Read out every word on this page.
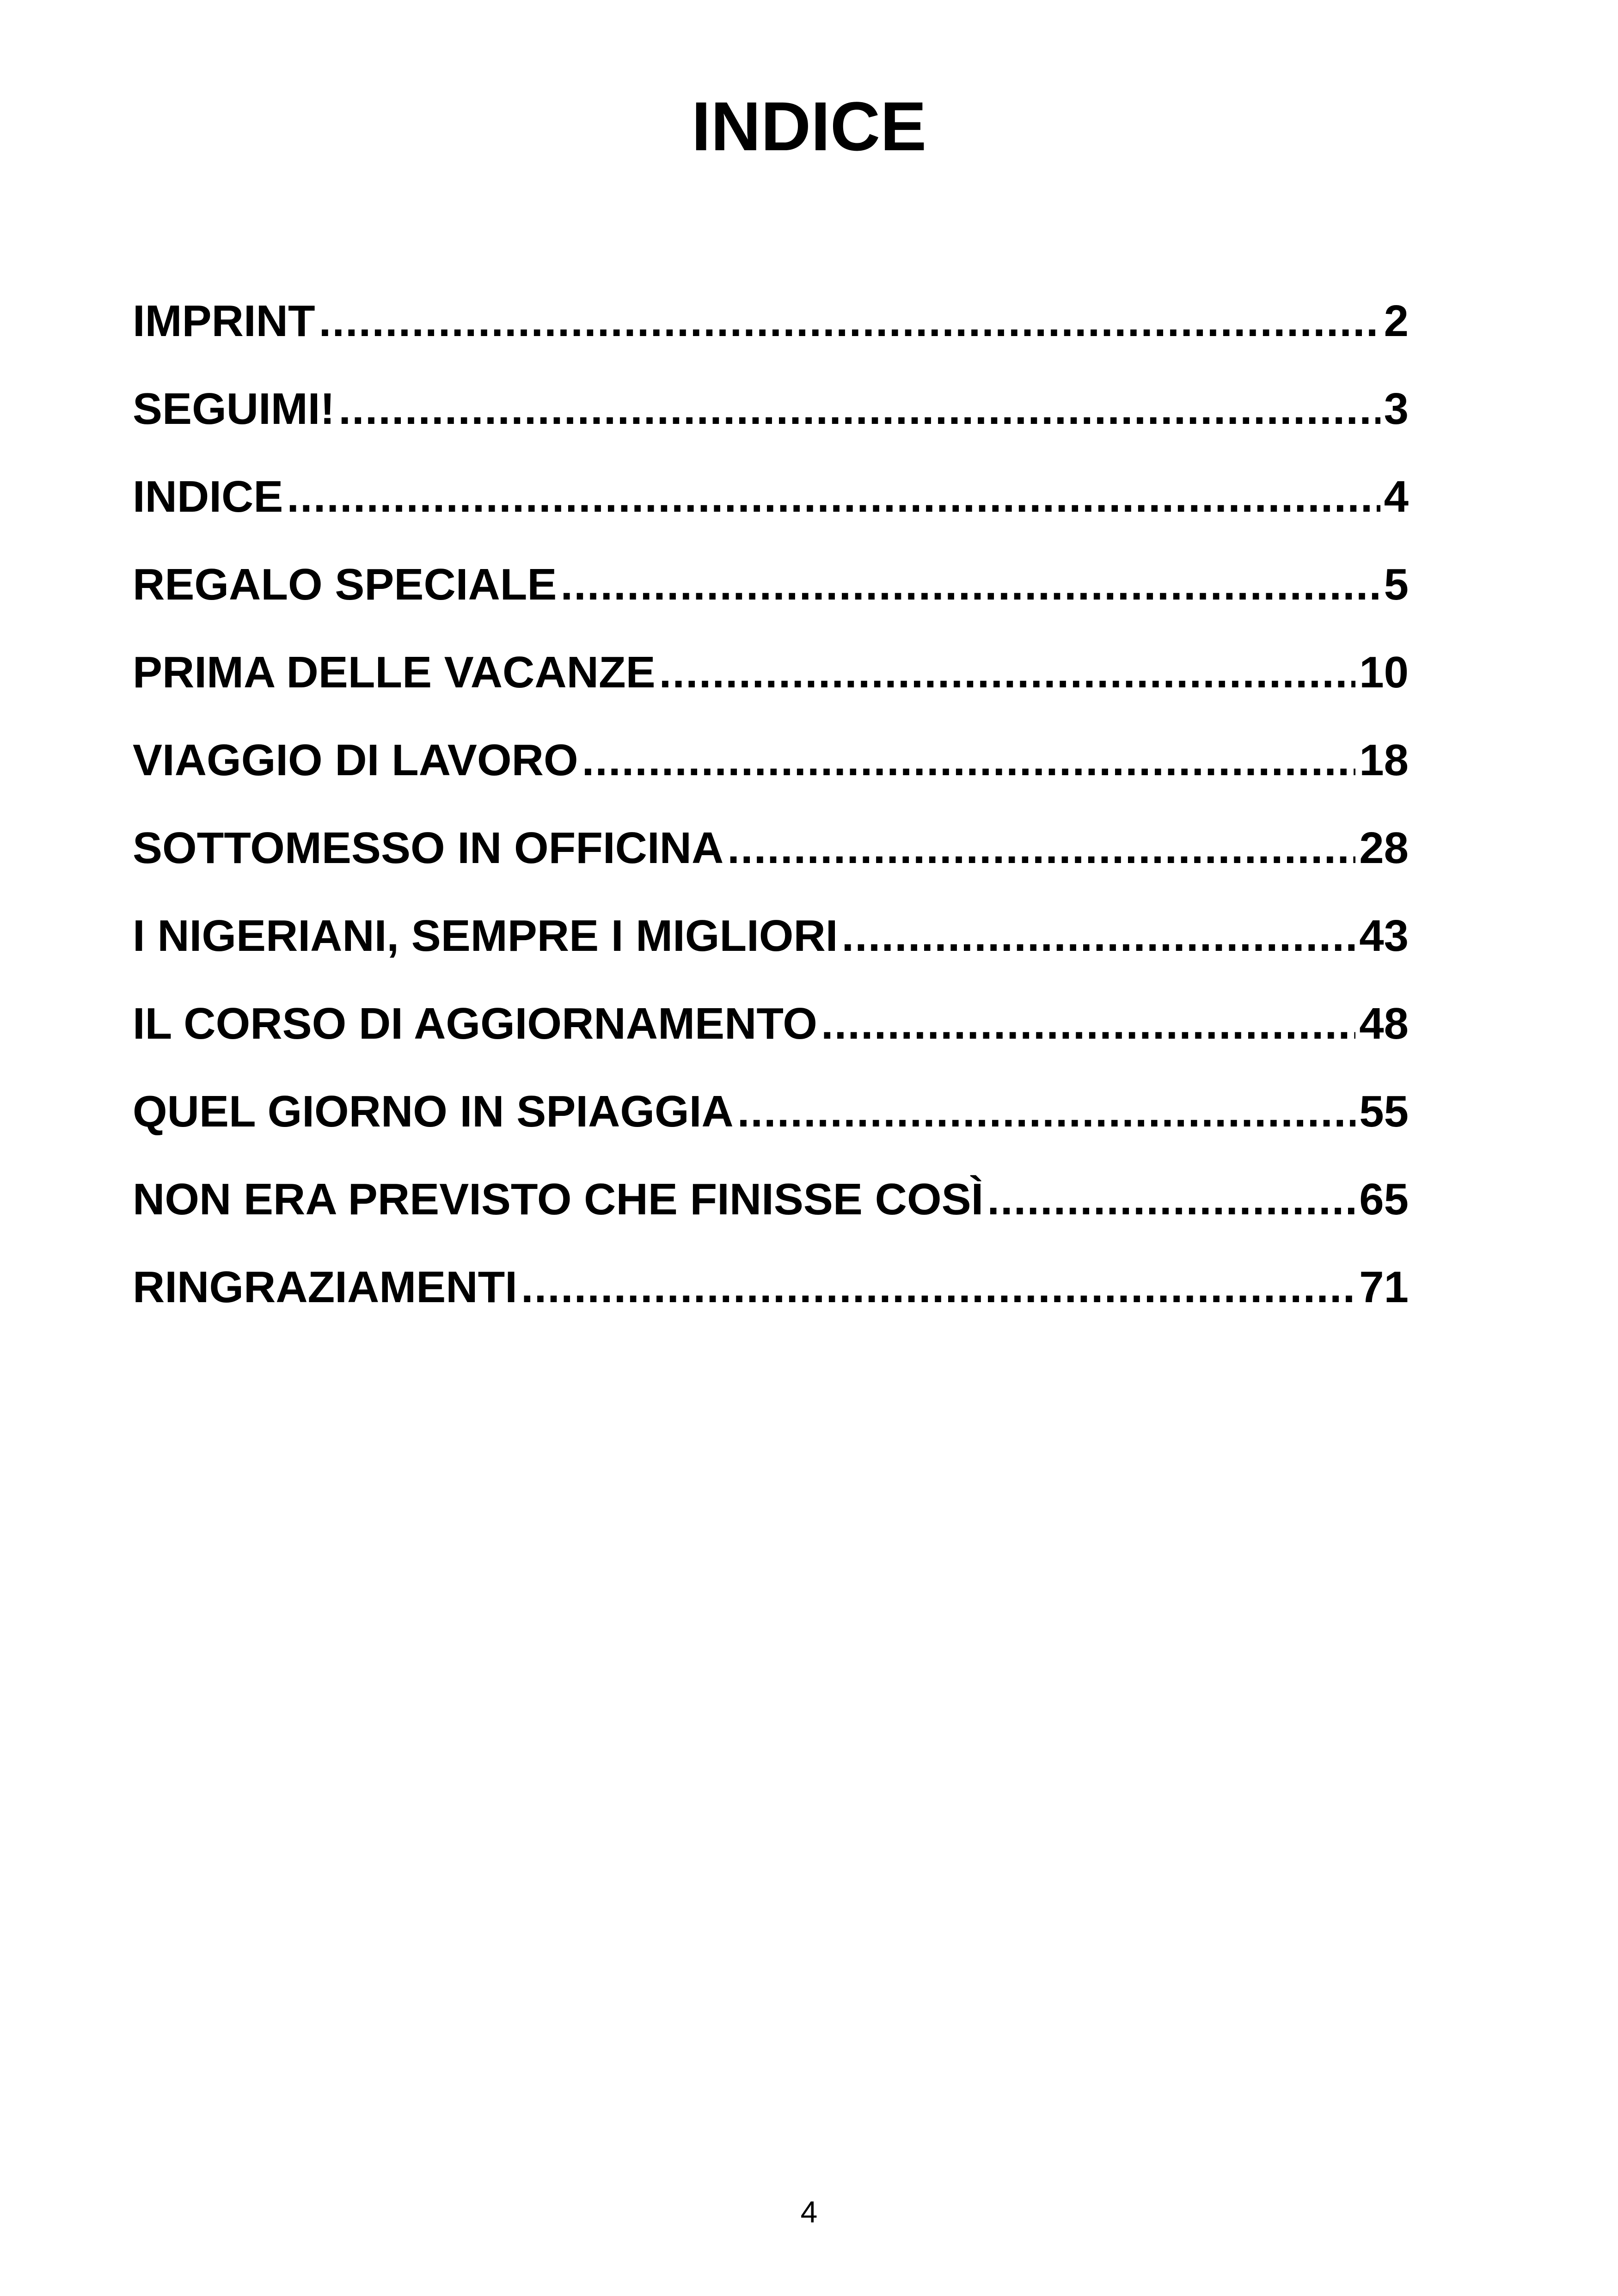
INDICE
IMPRINT .....	2
SEGUIMI! .....	3
INDICE .....	4
REGALO SPECIALE .....	5
PRIMA DELLE VACANZE .....	10
VIAGGIO DI LAVORO .....	18
SOTTOMESSO IN OFFICINA .....	28
I NIGERIANI, SEMPRE I MIGLIORI .....	43
IL CORSO DI AGGIORNAMENTO .....	48
QUEL GIORNO IN SPIAGGIA .....	55
NON ERA PREVISTO CHE FINISSE COSÌ .....	65
RINGRAZIAMENTI .....	71
4
